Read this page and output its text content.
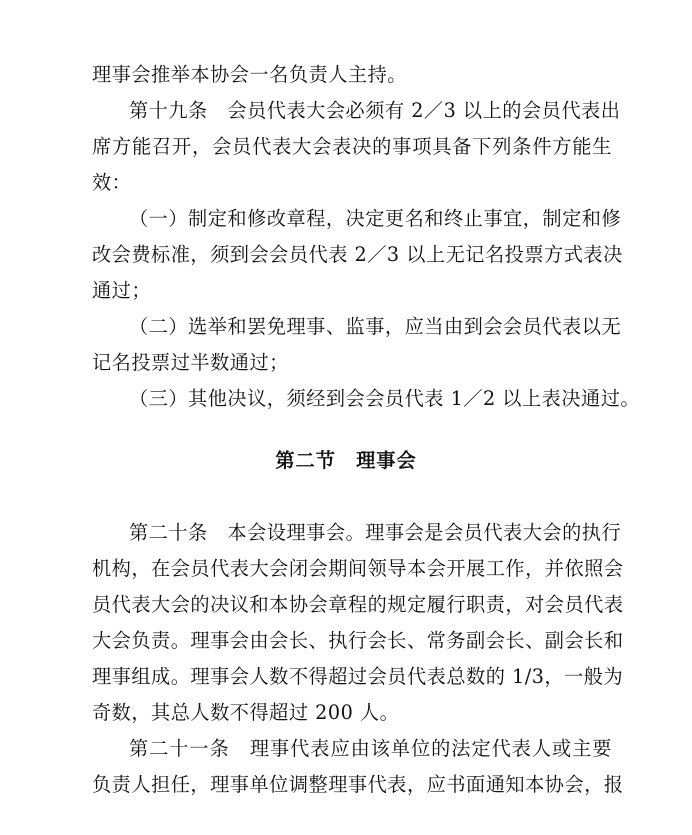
理事会推举本协会一名负责人主持。
第十九条　会员代表大会必须有 2／3 以上的会员代表出
席方能召开，会员代表大会表决的事项具备下列条件方能生
效：
（一）制定和修改章程，决定更名和终止事宜，制定和修
改会费标准，须到会会员代表 2／3 以上无记名投票方式表决
通过；
（二）选举和罢免理事、监事，应当由到会会员代表以无
记名投票过半数通过；
（三）其他决议，须经到会会员代表 1／2 以上表决通过。
第二节　理事会
第二十条　本会设理事会。理事会是会员代表大会的执行
机构，在会员代表大会闭会期间领导本会开展工作，并依照会
员代表大会的决议和本协会章程的规定履行职责，对会员代表
大会负责。理事会由会长、执行会长、常务副会长、副会长和
理事组成。理事会人数不得超过会员代表总数的 1/3，一般为
奇数，其总人数不得超过 200 人。
第二十一条　理事代表应由该单位的法定代表人或主要
负责人担任，理事单位调整理事代表，应书面通知本协会，报
